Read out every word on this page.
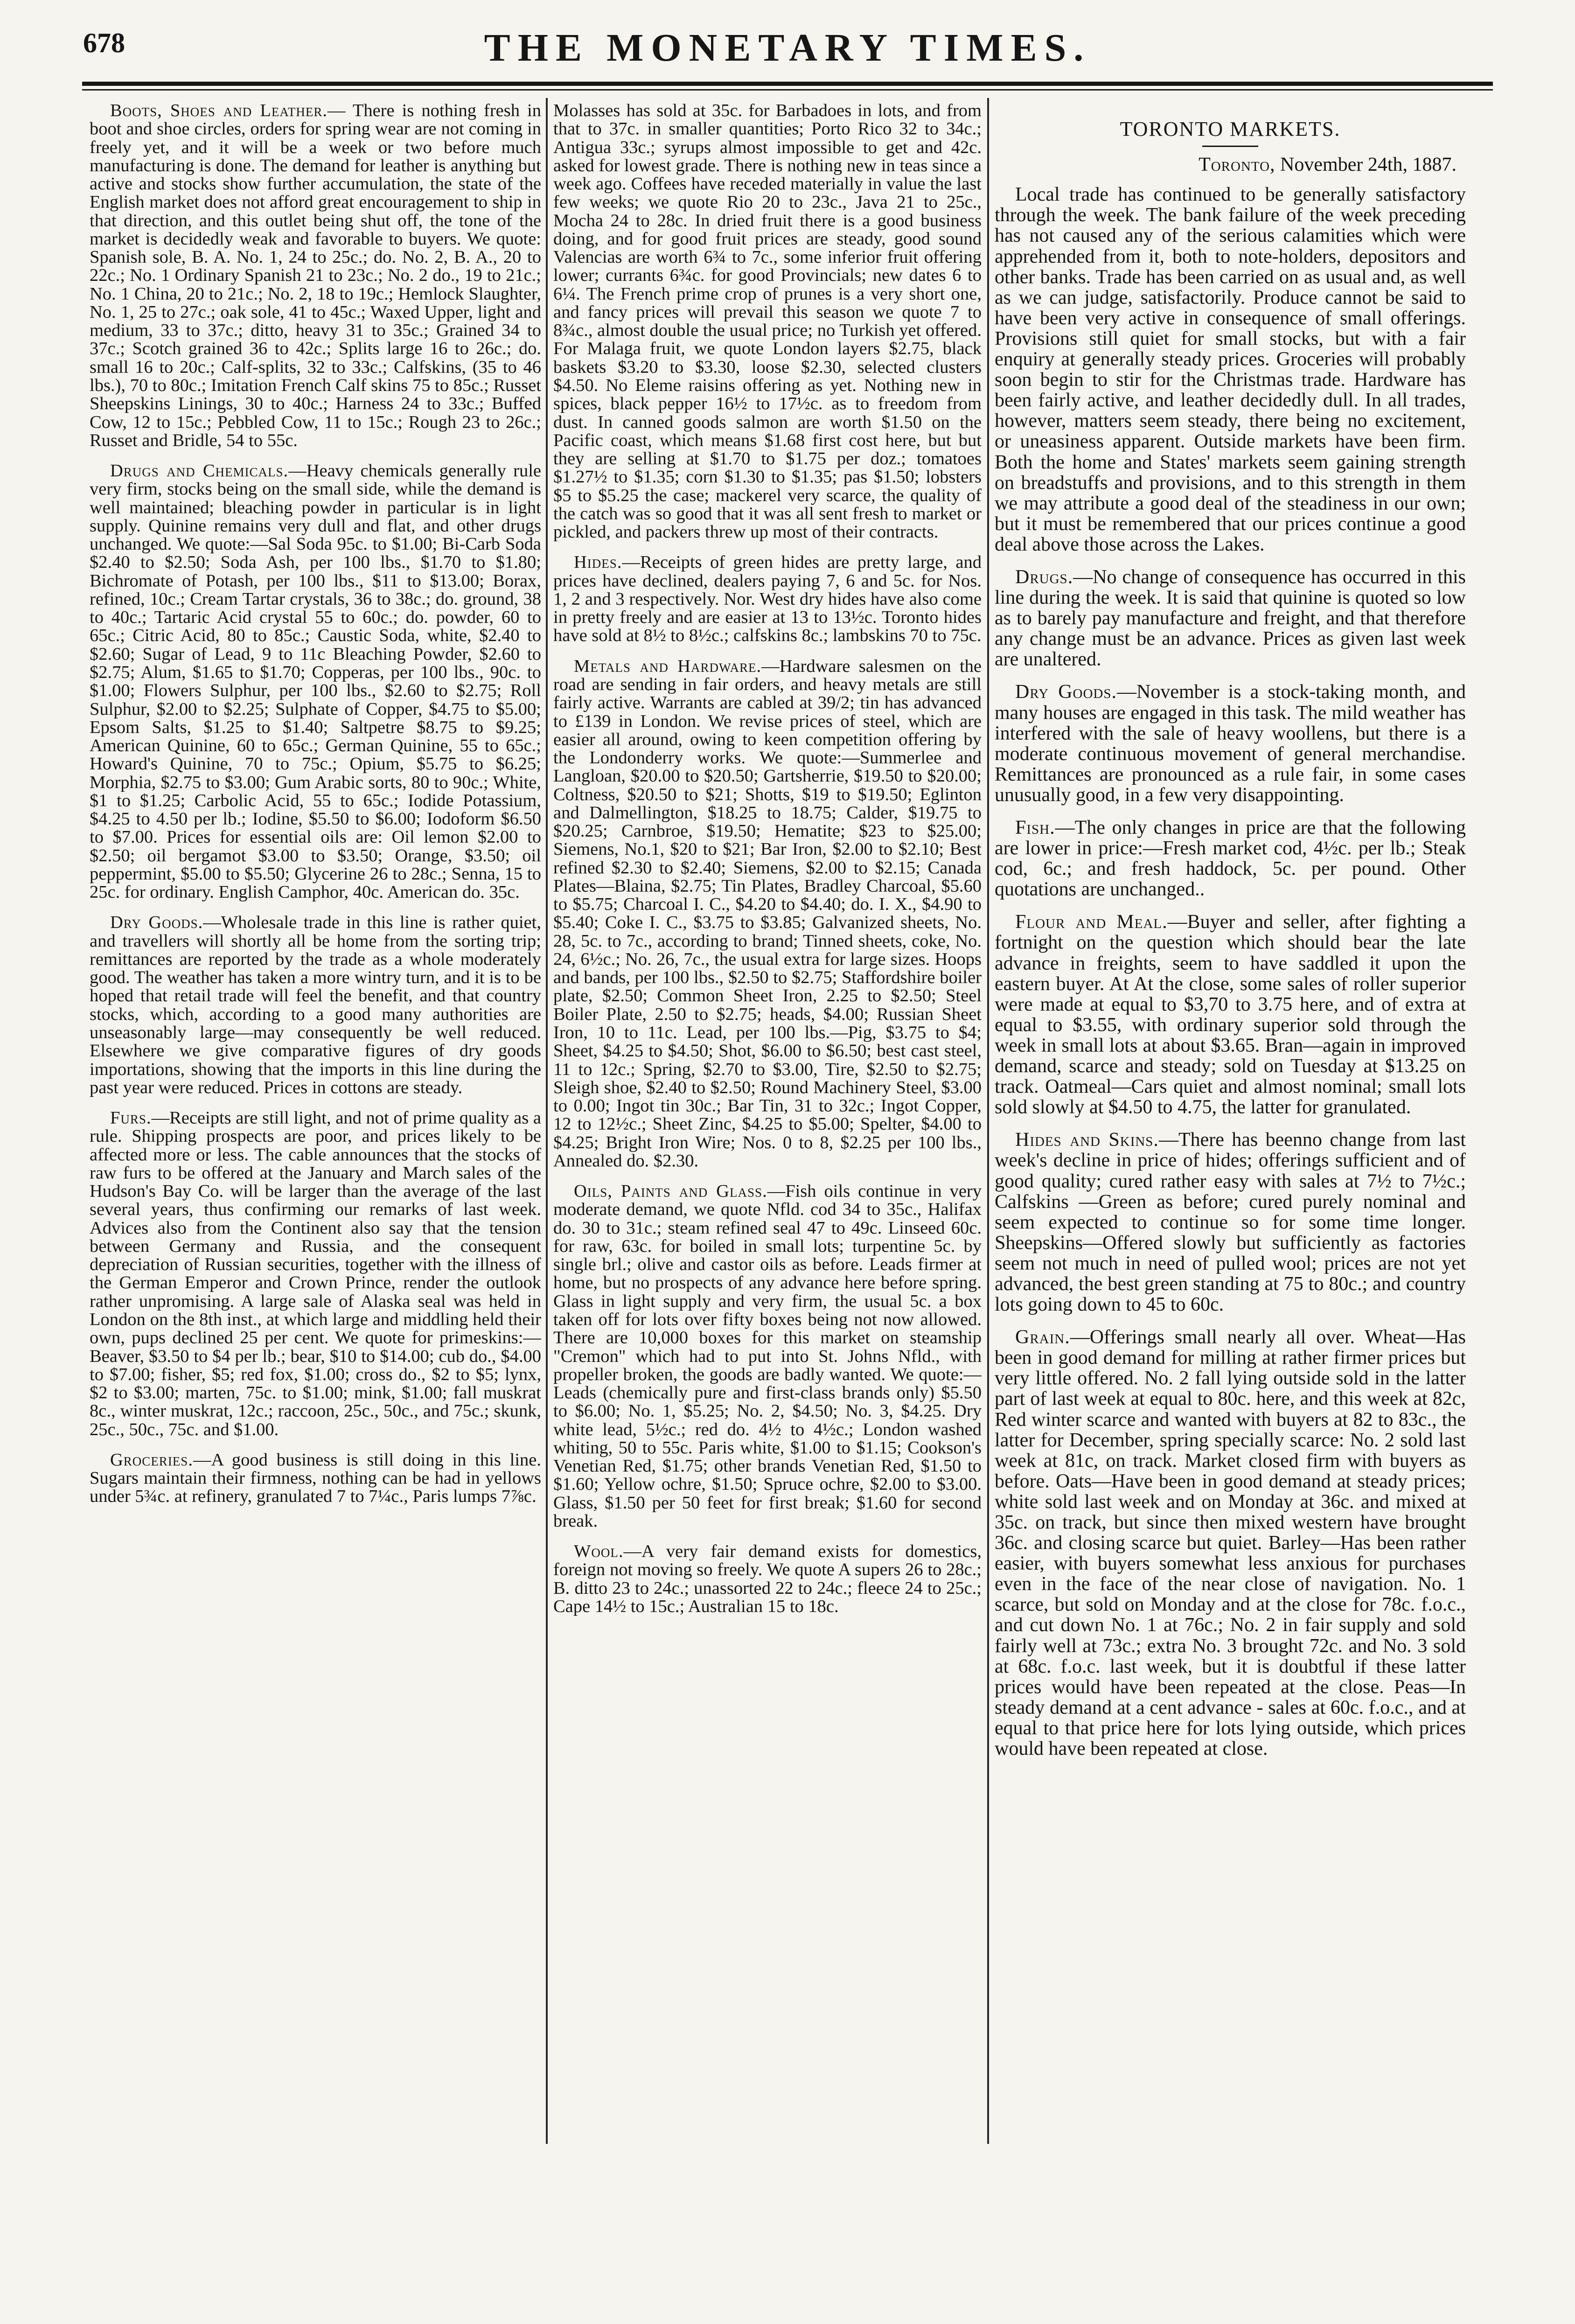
678	THE MONETARY TIMES.

Boots, Shoes and Leather.— There is nothing fresh in boot and shoe circles, orders for spring wear are not coming in freely yet, and it will be a week or two before much manufacturing is done. The demand for leather is anything but active and stocks show further accumulation, the state of the English market does not afford great encouragement to ship in that direction, and this outlet being shut off, the tone of the market is decidedly weak and favorable to buyers. We quote: Spanish sole, B. A. No. 1, 24 to 25c.; do. No. 2, B. A., 20 to 22c.; No. 1 Ordinary Spanish 21 to 23c.; No. 2 do., 19 to 21c.; No. 1 China, 20 to 21c.; No. 2, 18 to 19c.; Hemlock Slaughter, No. 1, 25 to 27c.; oak sole, 41 to 45c.; Waxed Upper, light and medium, 33 to 37c.; ditto, heavy 31 to 35c.; Grained 34 to 37c.; Scotch grained 36 to 42c.; Splits large 16 to 26c.; do. small 16 to 20c.; Calf-splits, 32 to 33c.; Calfskins, (35 to 46 lbs.), 70 to 80c.; Imitation French Calf skins 75 to 85c.; Russet Sheepskins Linings, 30 to 40c.; Harness 24 to 33c.; Buffed Cow, 12 to 15c.; Pebbled Cow, 11 to 15c.; Rough 23 to 26c.; Russet and Bridle, 54 to 55c.

Drugs and Chemicals.—Heavy chemicals generally rule very firm, stocks being on the small side, while the demand is well maintained; bleaching powder in particular is in light supply. Quinine remains very dull and flat, and other drugs unchanged. We quote:—Sal Soda 95c. to $1.00; Bi-Carb Soda $2.40 to $2.50; Soda Ash, per 100 lbs., $1.70 to $1.80; Bichromate of Potash, per 100 lbs., $11 to $13.00; Borax, refined, 10c.; Cream Tartar crystals, 36 to 38c.; do. ground, 38 to 40c.; Tartaric Acid crystal 55 to 60c.; do. powder, 60 to 65c.; Citric Acid, 80 to 85c.; Caustic Soda, white, $2.40 to $2.60; Sugar of Lead, 9 to 11c Bleaching Powder, $2.60 to $2.75; Alum, $1.65 to $1.70; Copperas, per 100 lbs., 90c. to $1.00; Flowers Sulphur, per 100 lbs., $2.60 to $2.75; Roll Sulphur, $2.00 to $2.25; Sulphate of Copper, $4.75 to $5.00; Epsom Salts, $1.25 to $1.40; Saltpetre $8.75 to $9.25; American Quinine, 60 to 65c.; German Quinine, 55 to 65c.; Howard's Quinine, 70 to 75c.; Opium, $5.75 to $6.25; Morphia, $2.75 to $3.00; Gum Arabic sorts, 80 to 90c.; White, $1 to $1.25; Carbolic Acid, 55 to 65c.; Iodide Potassium, $4.25 to 4.50 per lb.; Iodine, $5.50 to $6.00; Iodoform $6.50 to $7.00. Prices for essential oils are: Oil lemon $2.00 to $2.50; oil bergamot $3.00 to $3.50; Orange, $3.50; oil peppermint, $5.00 to $5.50; Glycerine 26 to 28c.; Senna, 15 to 25c. for ordinary. English Camphor, 40c. American do. 35c.

Dry Goods.—Wholesale trade in this line is rather quiet, and travellers will shortly all be home from the sorting trip; remittances are reported by the trade as a whole moderately good. The weather has taken a more wintry turn, and it is to be hoped that retail trade will feel the benefit, and that country stocks, which, according to a good many authorities are unseasonably large—may consequently be well reduced. Elsewhere we give comparative figures of dry goods importations, showing that the imports in this line during the past year were reduced. Prices in cottons are steady.

Furs.—Receipts are still light, and not of prime quality as a rule. Shipping prospects are poor, and prices likely to be affected more or less. The cable announces that the stocks of raw furs to be offered at the January and March sales of the Hudson's Bay Co. will be larger than the average of the last several years, thus confirming our remarks of last week. Advices also from the Continent also say that the tension between Germany and Russia, and the consequent depreciation of Russian securities, together with the illness of the German Emperor and Crown Prince, render the outlook rather unpromising. A large sale of Alaska seal was held in London on the 8th inst., at which large and middling held their own, pups declined 25 per cent. We quote for primeskins:—Beaver, $3.50 to $4 per lb.; bear, $10 to $14.00; cub do., $4.00 to $7.00; fisher, $5; red fox, $1.00; cross do., $2 to $5; lynx, $2 to $3.00; marten, 75c. to $1.00; mink, $1.00; fall muskrat 8c., winter muskrat, 12c.; raccoon, 25c., 50c., and 75c.; skunk, 25c., 50c., 75c. and $1.00.

Groceries.—A good business is still doing in this line. Sugars maintain their firmness, nothing can be had in yellows under 5¾c. at refinery, granulated 7 to 7¼c., Paris lumps 7⅞c.

Molasses has sold at 35c. for Barbadoes in lots, and from that to 37c. in smaller quantities; Porto Rico 32 to 34c.; Antigua 33c.; syrups almost impossible to get and 42c. asked for lowest grade. There is nothing new in teas since a week ago. Coffees have receded materially in value the last few weeks; we quote Rio 20 to 23c., Java 21 to 25c., Mocha 24 to 28c. In dried fruit there is a good business doing, and for good fruit prices are steady, good sound Valencias are worth 6¾ to 7c., some inferior fruit offering lower; currants 6¾c. for good Provincials; new dates 6 to 6¼. The French prime crop of prunes is a very short one, and fancy prices will prevail this season we quote 7 to 8¾c., almost double the usual price; no Turkish yet offered. For Malaga fruit, we quote London layers $2.75, black baskets $3.20 to $3.30, loose $2.30, selected clusters $4.50. No Eleme raisins offering as yet. Nothing new in spices, black pepper 16½ to 17½c. as to freedom from dust. In canned goods salmon are worth $1.50 on the Pacific coast, which means $1.68 first cost here, but but they are selling at $1.70 to $1.75 per doz.; tomatoes $1.27½ to $1.35; corn $1.30 to $1.35; pas $1.50; lobsters $5 to $5.25 the case; mackerel very scarce, the quality of the catch was so good that it was all sent fresh to market or pickled, and packers threw up most of their contracts.

Hides.—Receipts of green hides are pretty large, and prices have declined, dealers paying 7, 6 and 5c. for Nos. 1, 2 and 3 respectively. Nor. West dry hides have also come in pretty freely and are easier at 13 to 13½c. Toronto hides have sold at 8½ to 8½c.; calfskins 8c.; lambskins 70 to 75c.

Metals and Hardware.—Hardware salesmen on the road are sending in fair orders, and heavy metals are still fairly active. Warrants are cabled at 39/2; tin has advanced to £139 in London. We revise prices of steel, which are easier all around, owing to keen competition offering by the Londonderry works. We quote:—Summerlee and Langloan, $20.00 to $20.50; Gartsherrie, $19.50 to $20.00; Coltness, $20.50 to $21; Shotts, $19 to $19.50; Eglinton and Dalmellington, $18.25 to 18.75; Calder, $19.75 to $20.25; Carnbroe, $19.50; Hematite; $23 to $25.00; Siemens, No.1, $20 to $21; Bar Iron, $2.00 to $2.10; Best refined $2.30 to $2.40; Siemens, $2.00 to $2.15; Canada Plates—Blaina, $2.75; Tin Plates, Bradley Charcoal, $5.60 to $5.75; Charcoal I. C., $4.20 to $4.40; do. I. X., $4.90 to $5.40; Coke I. C., $3.75 to $3.85; Galvanized sheets, No. 28, 5c. to 7c., according to brand; Tinned sheets, coke, No. 24, 6½c.; No. 26, 7c., the usual extra for large sizes. Hoops and bands, per 100 lbs., $2.50 to $2.75; Staffordshire boiler plate, $2.50; Common Sheet Iron, 2.25 to $2.50; Steel Boiler Plate, 2.50 to $2.75; heads, $4.00; Russian Sheet Iron, 10 to 11c. Lead, per 100 lbs.—Pig, $3.75 to $4; Sheet, $4.25 to $4.50; Shot, $6.00 to $6.50; best cast steel, 11 to 12c.; Spring, $2.70 to $3.00, Tire, $2.50 to $2.75; Sleigh shoe, $2.40 to $2.50; Round Machinery Steel, $3.00 to 0.00; Ingot tin 30c.; Bar Tin, 31 to 32c.; Ingot Copper, 12 to 12½c.; Sheet Zinc, $4.25 to $5.00; Spelter, $4.00 to $4.25; Bright Iron Wire; Nos. 0 to 8, $2.25 per 100 lbs., Annealed do. $2.30.

Oils, Paints and Glass.—Fish oils continue in very moderate demand, we quote Nfld. cod 34 to 35c., Halifax do. 30 to 31c.; steam refined seal 47 to 49c. Linseed 60c. for raw, 63c. for boiled in small lots; turpentine 5c. by single brl.; olive and castor oils as before. Leads firmer at home, but no prospects of any advance here before spring. Glass in light supply and very firm, the usual 5c. a box taken off for lots over fifty boxes being not now allowed. There are 10,000 boxes for this market on steamship "Cremon" which had to put into St. Johns Nfld., with propeller broken, the goods are badly wanted. We quote:—Leads (chemically pure and first-class brands only) $5.50 to $6.00; No. 1, $5.25; No. 2, $4.50; No. 3, $4.25. Dry white lead, 5½c.; red do. 4½ to 4½c.; London washed whiting, 50 to 55c. Paris white, $1.00 to $1.15; Cookson's Venetian Red, $1.75; other brands Venetian Red, $1.50 to $1.60; Yellow ochre, $1.50; Spruce ochre, $2.00 to $3.00. Glass, $1.50 per 50 feet for first break; $1.60 for second break.

Wool.—A very fair demand exists for domestics, foreign not moving so freely. We quote A supers 26 to 28c.; B. ditto 23 to 24c.; unassorted 22 to 24c.; fleece 24 to 25c.; Cape 14½ to 15c.; Australian 15 to 18c.

TORONTO MARKETS.
Toronto, November 24th, 1887.

Local trade has continued to be generally satisfactory through the week. The bank failure of the week preceding has not caused any of the serious calamities which were apprehended from it, both to note-holders, depositors and other banks. Trade has been carried on as usual and, as well as we can judge, satisfactorily. Produce cannot be said to have been very active in consequence of small offerings. Provisions still quiet for small stocks, but with a fair enquiry at generally steady prices. Groceries will probably soon begin to stir for the Christmas trade. Hardware has been fairly active, and leather decidedly dull. In all trades, however, matters seem steady, there being no excitement, or uneasiness apparent. Outside markets have been firm. Both the home and States' markets seem gaining strength on breadstuffs and provisions, and to this strength in them we may attribute a good deal of the steadiness in our own; but it must be remembered that our prices continue a good deal above those across the Lakes.

Drugs.—No change of consequence has occurred in this line during the week. It is said that quinine is quoted so low as to barely pay manufacture and freight, and that therefore any change must be an advance. Prices as given last week are unaltered.

Dry Goods.—November is a stock-taking month, and many houses are engaged in this task. The mild weather has interfered with the sale of heavy woollens, but there is a moderate continuous movement of general merchandise. Remittances are pronounced as a rule fair, in some cases unusually good, in a few very disappointing.

Fish.—The only changes in price are that the following are lower in price:—Fresh market cod, 4½c. per lb.; Steak cod, 6c.; and fresh haddock, 5c. per pound. Other quotations are unchanged..

Flour and Meal.—Buyer and seller, after fighting a fortnight on the question which should bear the late advance in freights, seem to have saddled it upon the eastern buyer. At At the close, some sales of roller superior were made at equal to $3,70 to 3.75 here, and of extra at equal to $3.55, with ordinary superior sold through the week in small lots at about $3.65. Bran—again in improved demand, scarce and steady; sold on Tuesday at $13.25 on track. Oatmeal—Cars quiet and almost nominal; small lots sold slowly at $4.50 to 4.75, the latter for granulated.

Hides and Skins.—There has beenno change from last week's decline in price of hides; offerings sufficient and of good quality; cured rather easy with sales at 7½ to 7½c.; Calfskins —Green as before; cured purely nominal and seem expected to continue so for some time longer. Sheepskins—Offered slowly but sufficiently as factories seem not much in need of pulled wool; prices are not yet advanced, the best green standing at 75 to 80c.; and country lots going down to 45 to 60c.

Grain.—Offerings small nearly all over. Wheat—Has been in good demand for milling at rather firmer prices but very little offered. No. 2 fall lying outside sold in the latter part of last week at equal to 80c. here, and this week at 82c, Red winter scarce and wanted with buyers at 82 to 83c., the latter for December, spring specially scarce: No. 2 sold last week at 81c, on track. Market closed firm with buyers as before. Oats—Have been in good demand at steady prices; white sold last week and on Monday at 36c. and mixed at 35c. on track, but since then mixed western have brought 36c. and closing scarce but quiet. Barley—Has been rather easier, with buyers somewhat less anxious for purchases even in the face of the near close of navigation. No. 1 scarce, but sold on Monday and at the close for 78c. f.o.c., and cut down No. 1 at 76c.; No. 2 in fair supply and sold fairly well at 73c.; extra No. 3 brought 72c. and No. 3 sold at 68c. f.o.c. last week, but it is doubtful if these latter prices would have been repeated at the close. Peas—In steady demand at a cent advance - sales at 60c. f.o.c., and at equal to that price here for lots lying outside, which prices would have been repeated at close.
